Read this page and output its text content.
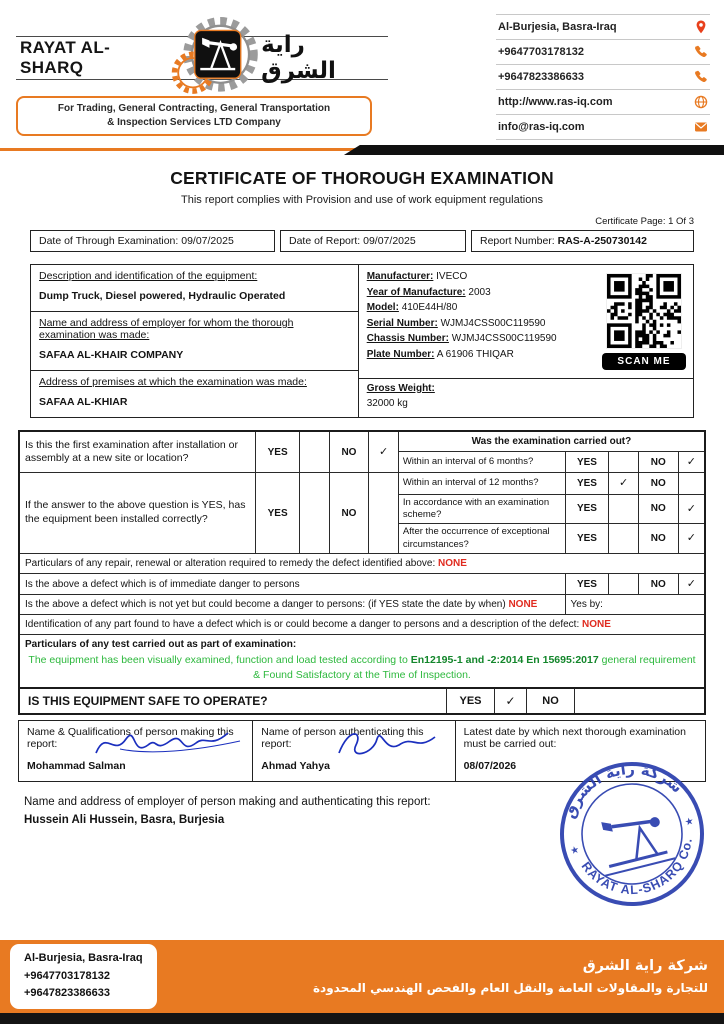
RAYAT AL-SHARQ
راية الشرق
For Trading, General Contracting, General Transportation
& Inspection Services LTD Company
Al-Burjesia, Basra-Iraq
+9647703178132
+9647823386633
http://www.ras-iq.com
info@ras-iq.com
CERTIFICATE OF THOROUGH EXAMINATION
This report complies with Provision and use of work equipment regulations
Certificate Page: 1 Of 3
Date of Through Examination: 09/07/2025	Date of Report: 09/07/2025	Report Number: RAS-A-250730142
Description and identification of the equipment:
Dump Truck, Diesel powered, Hydraulic Operated
Name and address of employer for whom the thorough examination was made:
SAFAA AL-KHAIR COMPANY
Address of premises at which the examination was made:
SAFAA AL-KHIAR
Manufacturer: IVECO
Year of Manufacture: 2003
Model: 410E44H/80
Serial Number: WJMJ4CSS00C119590
Chassis Number: WJMJ4CSS00C119590
Plate Number: A 61906 THIQAR
Gross Weight:
32000 kg
SCAN ME
Is this the first examination after installation or assembly at a new site or location?	YES		NO	✓	Was the examination carried out?				
					Within an interval of 6 months?	YES		NO	✓
If the answer to the above question is YES, has the equipment been installed correctly?	YES		NO		Within an interval of 12 months?	YES	✓	NO	
					In accordance with an examination scheme?	YES		NO	✓
					After the occurrence of exceptional circumstances?	YES		NO	✓
Particulars of any repair, renewal or alteration required to remedy the defect identified above: NONE									
Is the above a defect which is of immediate danger to persons						YES		NO	✓
Is the above a defect which is not yet but could become a danger to persons: (if YES state the date by when) NONE						Yes by:			
Identification of any part found to have a defect which is or could become a danger to persons and a description of the defect: NONE									

Particulars of any test carried out as part of examination:
The equipment has been visually examined, function and load tested according to En12195-1 and -2:2014 En 15695:2017 general requirement & Found Satisfactory at the Time of Inspection.									
IS THIS EQUIPMENT SAFE TO OPERATE?	YES	✓	NO
Name & Qualifications of person making this report:
Mohammad Salman
Name of person authenticating this report:
Ahmad Yahya
Latest date by which next thorough examination must be carried out:
08/07/2026
Name and address of employer of person making and authenticating this report:
Hussein Ali Hussein, Basra, Burjesia	شركة راية الشرق
RAYAT AL-SHARQ Co.
★
★
Al-Burjesia, Basra-Iraq
+9647703178132
+9647823386633
شركة راية الشرق
للتجارة والمقاولات العامة والنقل العام والفحص الهندسي المحدودة
